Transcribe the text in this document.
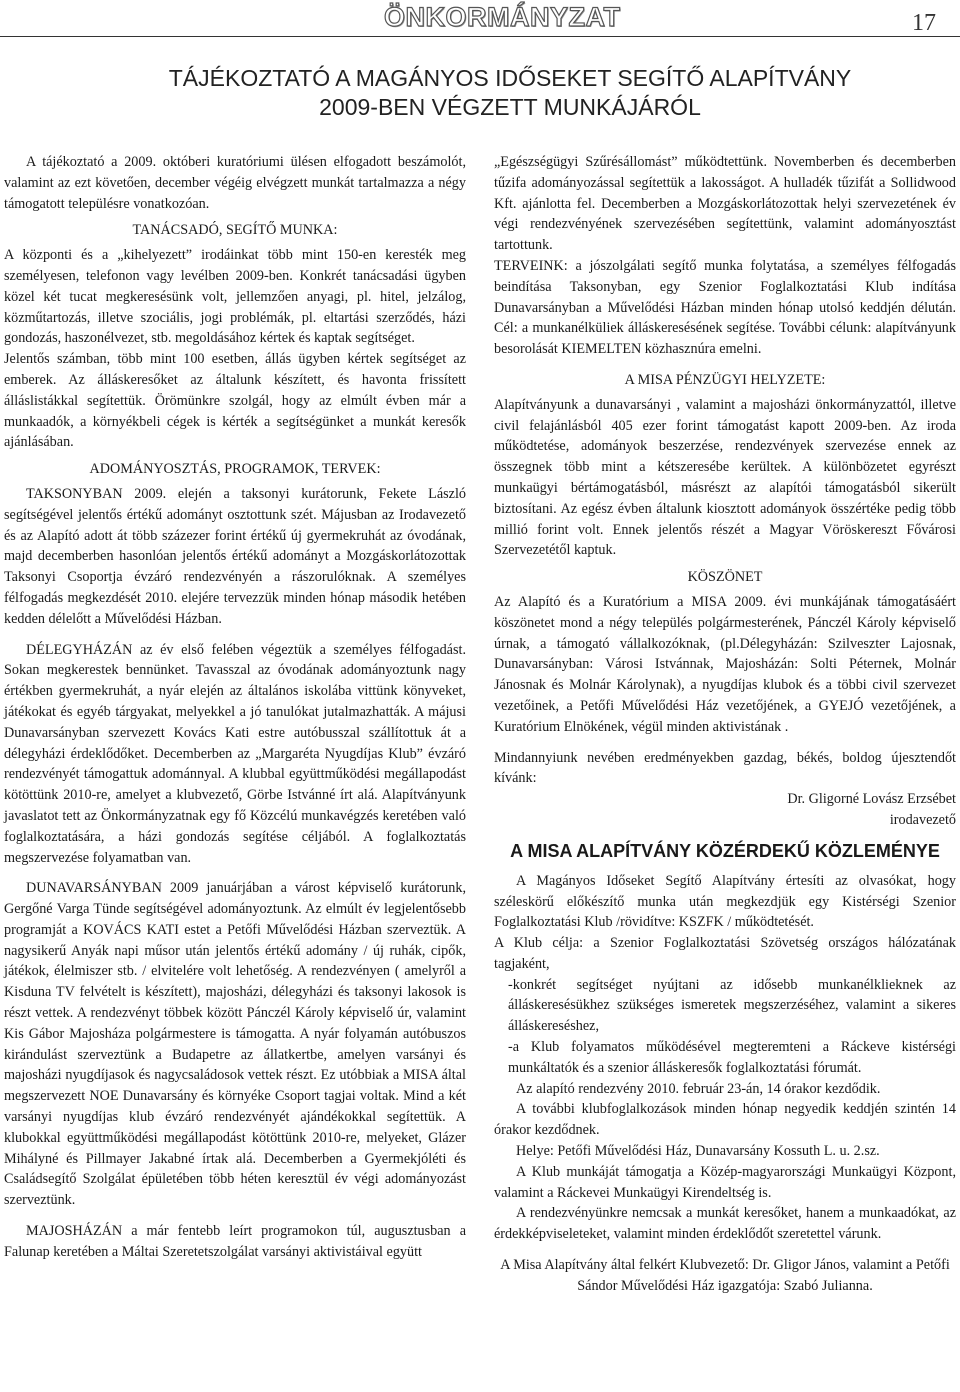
ÖNKORMÁNYZAT	17
TÁJÉKOZTATÓ A MAGÁNYOS IDŐSEKET SEGÍTŐ ALAPÍTVÁNY
2009-BEN VÉGZETT MUNKÁJÁRÓL

A tájékoztató a 2009. októberi kuratóriumi ülésen elfogadott beszámolót, valamint az ezt követően, december végéig elvégzett munkát tartalmazza a négy támogatott településre vonatkozóan.

TANÁCSADÓ, SEGÍTŐ MUNKA:

A központi és a „kihelyezett” irodáinkat több mint 150-en keresték meg személyesen, telefonon vagy levélben 2009-ben. Konkrét tanácsadási ügyben közel két tucat megkeresésünk volt, jellemzően anyagi, pl. hitel, jelzálog, közműtartozás, illetve szociális, jogi problémák, pl. eltartási szerződés, házi gondozás, haszonélvezet, stb. megoldásához kértek és kaptak segítséget.

Jelentős számban, több mint 100 esetben, állás ügyben kértek segítséget az emberek. Az álláskeresőket az általunk készített, és havonta frissített álláslistákkal segítettük. Örömünkre szolgál, hogy az elmúlt évben már a munkaadók, a környékbeli cégek is kérték a segítségünket a munkát keresők ajánlásában.

ADOMÁNYOSZTÁS, PROGRAMOK, TERVEK:

TAKSONYBAN 2009. elején a taksonyi kurátorunk, Fekete László segítségével jelentős értékű adományt osztottunk szét. Májusban az Irodavezető és az Alapító adott át több százezer forint értékű új gyermekruhát az óvodának, majd decemberben hasonlóan jelentős értékű adományt a Mozgáskorlátozottak Taksonyi Csoportja évzáró rendezvényén a rászorulóknak. A személyes félfogadás megkezdését 2010. elejére tervezzük minden hónap második hetében kedden délelőtt a Művelődési Házban.

DÉLEGYHÁZÁN az év első felében végeztük a személyes félfogadást. Sokan megkerestek bennünket. Tavasszal az óvodának adományoztunk nagy értékben gyermekruhát, a nyár elején az általános iskolába vittünk könyveket, játékokat és egyéb tárgyakat, melyekkel a jó tanulókat jutalmazhatták. A májusi Dunavarsányban szervezett Kovács Kati estre autóbusszal szállítottuk át a délegyházi érdeklődőket. Decemberben az „Margaréta Nyugdíjas Klub” évzáró rendezvényét támogattuk adománnyal. A klubbal együttműködési megállapodást kötöttünk 2010-re, amelyet a klubvezető, Görbe Istvánné írt alá. Alapítványunk javaslatot tett az Önkormányzatnak egy fő Közcélú munkavégzés keretében való foglalkoztatására, a házi gondozás segítése céljából. A foglalkoztatás megszervezése folyamatban van.

DUNAVARSÁNYBAN 2009 januárjában a várost képviselő kurátorunk, Gergőné Varga Tünde segítségével adományoztunk. Az elmúlt év legjelentősebb programját a KOVÁCS KATI estet a Petőfi Művelődési Házban szerveztük. A nagysikerű Anyák napi műsor után jelentős értékű adomány / új ruhák, cipők, játékok, élelmiszer stb. / elvitelére volt lehetőség. A rendezvényen ( amelyről a Kisduna TV felvételt is készített), majosházi, délegyházi és taksonyi lakosok is részt vettek. A rendezvényt többek között Pánczél Károly képviselő úr, valamint Kis Gábor Majosháza polgármestere is támogatta. A nyár folyamán autóbuszos kirándulást szerveztünk a Budapetre az állatkertbe, amelyen varsányi és majosházi nyugdíjasok és nagycsaládosok vettek részt. Ez utóbbiak a MISA által megszervezett NOE Dunavarsány és környéke Csoport tagjai voltak. Mind a két varsányi nyugdíjas klub évzáró rendezvényét ajándékokkal segítettük. A klubokkal együttműködési megállapodást kötöttünk 2010-re, melyeket, Glázer Mihályné és Pillmayer Jakabné írtak alá. Decemberben a Gyermekjóléti és Családsegítő Szolgálat épületében több héten keresztül év végi adományozást szerveztünk.

MAJOSHÁZÁN a már fentebb leírt programokon túl, augusztusban a Falunap keretében a Máltai Szeretetszolgálat varsányi aktivistáival együtt

„Egészségügyi Szűrésállomást” működtettünk. Novemberben és decemberben tűzifa adományozással segítettük a lakosságot. A hulladék tűzifát a Sollidwood Kft. ajánlotta fel. Decemberben a Mozgáskorlátozottak helyi szervezetének év végi rendezvényének szervezésében segítettünk, valamint adományosztást tartottunk.

TERVEINK: a jószolgálati segítő munka folytatása, a személyes félfogadás beindítása Taksonyban, egy Szenior Foglalkoztatási Klub indítása Dunavarsányban a Művelődési Házban minden hónap utolsó keddjén délután. Cél: a munkanélküliek álláskeresésének segítése. További célunk: alapítványunk besorolását KIEMELTEN közhasznúra emelni.

A MISA PÉNZÜGYI HELYZETE:

Alapítványunk a dunavarsányi , valamint a majosházi önkormányzattól, illetve civil felajánlásból 405 ezer forint támogatást kapott 2009-ben. Az iroda működtetése, adományok beszerzése, rendezvények szervezése ennek az összegnek több mint a kétszeresébe kerültek. A különbözetet egyrészt munkaügyi bértámogatásból, másrészt az alapítói támogatásból sikerült biztosítani. Az egész évben általunk kiosztott adományok összértéke pedig több millió forint volt. Ennek jelentős részét a Magyar Vöröskereszt Fővárosi Szervezetétől kaptuk.

KÖSZÖNET

Az Alapító és a Kuratórium a MISA 2009. évi munkájának támogatásáért köszönetet mond a négy település polgármesterének, Pánczél Károly képviselő úrnak, a támogató vállalkozóknak, (pl.Délegyházán: Szilveszter Lajosnak, Dunavarsányban: Városi Istvánnak, Majosházán: Solti Péternek, Molnár Jánosnak és Molnár Károlynak), a nyugdíjas klubok és a többi civil szervezet vezetőinek, a Petőfi Művelődési Ház vezetőjének, a GYEJÓ vezetőjének, a Kuratórium Elnökének, végül minden aktivistának .

Mindannyiunk nevében eredményekben gazdag, békés, boldog újesztendőt kívánk:

Dr. Gligorné Lovász Erzsébet

irodavezető

A MISA ALAPÍTVÁNY KÖZÉRDEKŰ KÖZLEMÉNYE

A Magányos Időseket Segítő Alapítvány értesíti az olvasókat, hogy széleskörű előkészítő munka után megkezdjük egy Kistérségi Szenior Foglalkoztatási Klub /rövidítve: KSZFK / működtetését.

A Klub célja: a Szenior Foglalkoztatási Szövetség országos hálózatának tagjaként,

-konkrét segítséget nyújtani az idősebb munkanélklieknek az álláskeresésükhez szükséges ismeretek megszerzéséhez, valamint a sikeres álláskereséshez,

-a Klub folyamatos működésével megteremteni a Ráckeve kistérségi munkáltatók és a szenior álláskeresők foglalkoztatási fórumát.

Az alapító rendezvény 2010. február 23-án, 14 órakor kezdődik.

A további klubfoglalkozások minden hónap negyedik keddjén szintén 14 órakor kezdődnek.

Helye: Petőfi Művelődési Ház, Dunavarsány Kossuth L. u. 2.sz.

A Klub munkáját támogatja a Közép-magyarországi Munkaügyi Központ, valamint a Ráckevei Munkaügyi Kirendeltség is.

A rendezvényünkre nemcsak a munkát keresőket, hanem a munkaadókat, az érdekképviseleteket, valamint minden érdeklődőt szeretettel várunk.

A Misa Alapítvány által felkért Klubvezető: Dr. Gligor János, valamint a Petőfi Sándor Művelődési Ház igazgatója: Szabó Julianna.
